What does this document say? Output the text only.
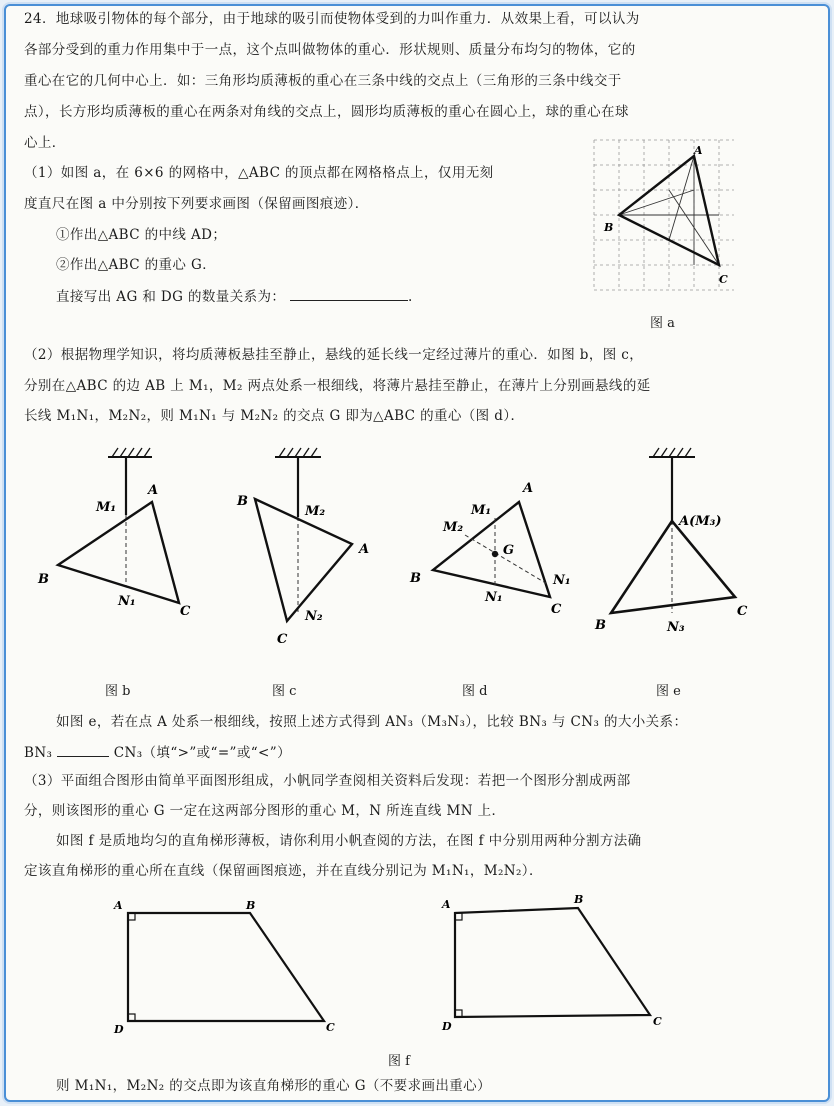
24．地球吸引物体的每个部分，由于地球的吸引而使物体受到的力叫作重力．从效果上看，可以认为
各部分受到的重力作用集中于一点，这个点叫做物体的重心．形状规则、质量分布均匀的物体，它的
重心在它的几何中心上．如：三角形均质薄板的重心在三条中线的交点上（三角形的三条中线交于
点），长方形均质薄板的重心在两条对角线的交点上，圆形均质薄板的重心在圆心上，球的重心在球
心上．
（1）如图 a，在 6×6 的网格中，△ABC 的顶点都在网格格点上，仅用无刻
度直尺在图 a 中分别按下列要求画图（保留画图痕迹）．
①作出△ABC 的中线 AD；
②作出△ABC 的重心 G．
直接写出 AG 和 DG 的数量关系为：	.
A
B
C
图 a
（2）根据物理学知识，将均质薄板悬挂至静止，悬线的延长线一定经过薄片的重心．如图 b，图 c，
分别在△ABC 的边 AB 上 M₁，M₂ 两点处系一根细线，将薄片悬挂至静止，在薄片上分别画悬线的延
长线 M₁N₁，M₂N₂，则 M₁N₁ 与 M₂N₂ 的交点 G 即为△ABC 的重心（图 d）．
M₁
A
B
N₁
C
图 b
B
M₂
A
N₂
C
图 c
M₁
A
M₂
G
N₁
B
N₁
C
图 d
A(M₃)
B	N₃
C
图 e
如图 e，若在点 A 处系一根细线，按照上述方式得到 AN₃（M₃N₃），比较 BN₃ 与 CN₃ 的大小关系：
BN₃	CN₃（填“>”或“=”或“<”）
（3）平面组合图形由简单平面图形组成，小帆同学查阅相关资料后发现：若把一个图形分割成两部
分，则该图形的重心 G 一定在这两部分图形的重心 M，N 所连直线 MN 上．
如图 f 是质地均匀的直角梯形薄板，请你利用小帆查阅的方法，在图 f 中分别用两种分割方法确
定该直角梯形的重心所在直线（保留画图痕迹，并在直线分别记为 M₁N₁，M₂N₂）．
A	B
C
D
A	B
C
D
图 f
则 M₁N₁，M₂N₂ 的交点即为该直角梯形的重心 G（不要求画出重心）
